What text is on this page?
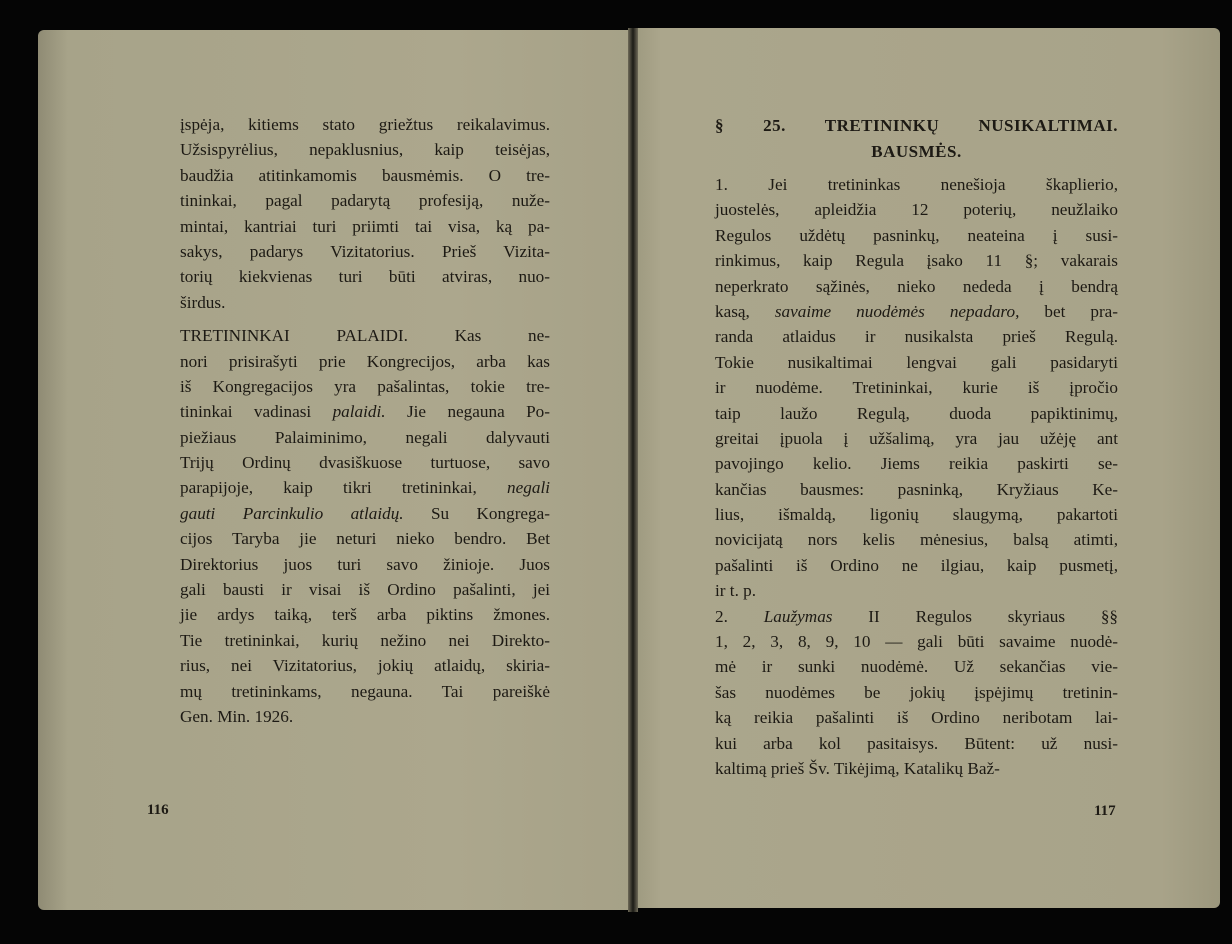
įspėja, kitiems stato griežtus reikalavimus.
Užsispyrėlius, nepaklusnius, kaip teisėjas,
baudžia atitinkamomis bausmėmis. O tre-
tininkai, pagal padarytą profesiją, nuže-
mintai, kantriai turi priimti tai visa, ką pa-
sakys, padarys Vizitatorius. Prieš Vizita-
torių kiekvienas turi būti atviras, nuo-
širdus.
TRETININKAI PALAIDI. Kas ne-
nori prisirašyti prie Kongrecijos, arba kas
iš Kongregacijos yra pašalintas, tokie tre-
tininkai vadinasi palaidi. Jie negauna Po-
piežiaus Palaiminimo, negali dalyvauti
Trijų Ordinų dvasiškuose turtuose, savo
parapijoje, kaip tikri tretininkai, negali
gauti Parcinkulio atlaidų. Su Kongrega-
cijos Taryba jie neturi nieko bendro. Bet
Direktorius juos turi savo žinioje. Juos
gali bausti ir visai iš Ordino pašalinti, jei
jie ardys taiką, terš arba piktins žmones.
Tie tretininkai, kurių nežino nei Direkto-
rius, nei Vizitatorius, jokių atlaidų, skiria-
mų tretininkams, negauna. Tai pareiškė
Gen. Min. 1926.
§ 25. TRETININKŲ NUSIKALTIMAI.
BAUSMĖS.
1. Jei tretininkas nenešioja škaplierio,
juostelės, apleidžia 12 poterių, neužlaiko
Regulos uždėtų pasninkų, neateina į susi-
rinkimus, kaip Regula įsako 11 §; vakarais
neperkrato sąžinės, nieko nededa į bendrą
kasą, savaime nuodėmės nepadaro, bet pra-
randa atlaidus ir nusikalsta prieš Regulą.
Tokie nusikaltimai lengvai gali pasidaryti
ir nuodėme. Tretininkai, kurie iš įpročio
taip laužo Regulą, duoda papiktinimų,
greitai įpuola į užšalimą, yra jau užėję ant
pavojingo kelio. Jiems reikia paskirti se-
kančias bausmes: pasninką, Kryžiaus Ke-
lius, išmaldą, ligonių slaugymą, pakartoti
novicijatą nors kelis mėnesius, balsą atimti,
pašalinti iš Ordino ne ilgiau, kaip pusmetį,
ir t. p.
2. Laužymas II Regulos skyriaus §§
1, 2, 3, 8, 9, 10 — gali būti savaime nuodė-
mė ir sunki nuodėmė. Už sekančias vie-
šas nuodėmes be jokių įspėjimų tretinin-
ką reikia pašalinti iš Ordino neribotam lai-
kui arba kol pasitaisys. Būtent: už nusi-
kaltimą prieš Šv. Tikėjimą, Katalikų Baž-
116	117
